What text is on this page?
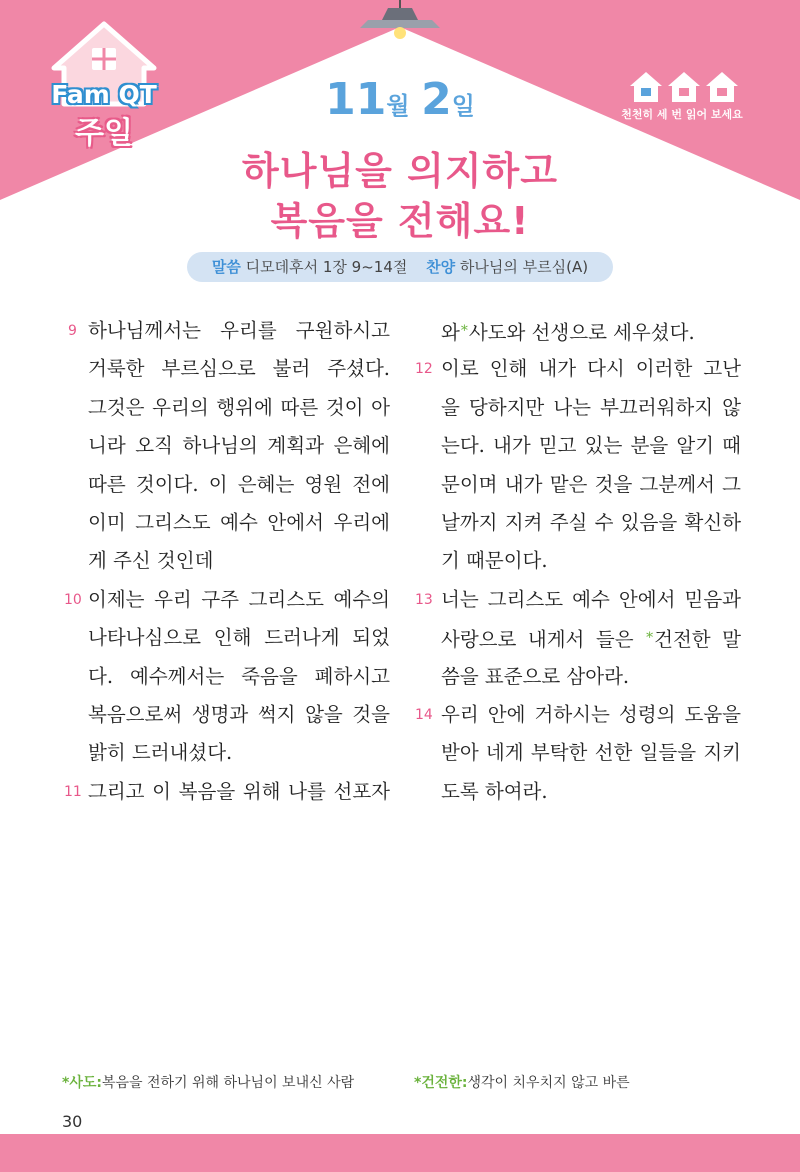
Fam QT
주일
11월 2일
하나님을 의지하고
복음을 전해요!
천천히 세 번 읽어 보세요
말씀 디모데후서 1장 9~14절 찬양 하나님의 부르심(A)
9 하나님께서는 우리를 구원하시고
거룩한 부르심으로 불러 주셨다.
그것은 우리의 행위에 따른 것이 아
니라 오직 하나님의 계획과 은혜에
따른 것이다. 이 은혜는 영원 전에
이미 그리스도 예수 안에서 우리에
게 주신 것인데
10 이제는 우리 구주 그리스도 예수의
나타나심으로 인해 드러나게 되었
다. 예수께서는 죽음을 폐하시고
복음으로써 생명과 썩지 않을 것을
밝히 드러내셨다.
11 그리고 이 복음을 위해 나를 선포자
와*사도와 선생으로 세우셨다.
12 이로 인해 내가 다시 이러한 고난
을 당하지만 나는 부끄러워하지 않
는다. 내가 믿고 있는 분을 알기 때
문이며 내가 맡은 것을 그분께서 그
날까지 지켜 주실 수 있음을 확신하
기 때문이다.
13 너는 그리스도 예수 안에서 믿음과
사랑으로 내게서 들은 *건전한 말
씀을 표준으로 삼아라.
14 우리 안에 거하시는 성령의 도움을
받아 네게 부탁한 선한 일들을 지키
도록 하여라.
*사도:복음을 전하기 위해 하나님이 보내신 사람	*건전한:생각이 치우치지 않고 바른
30
